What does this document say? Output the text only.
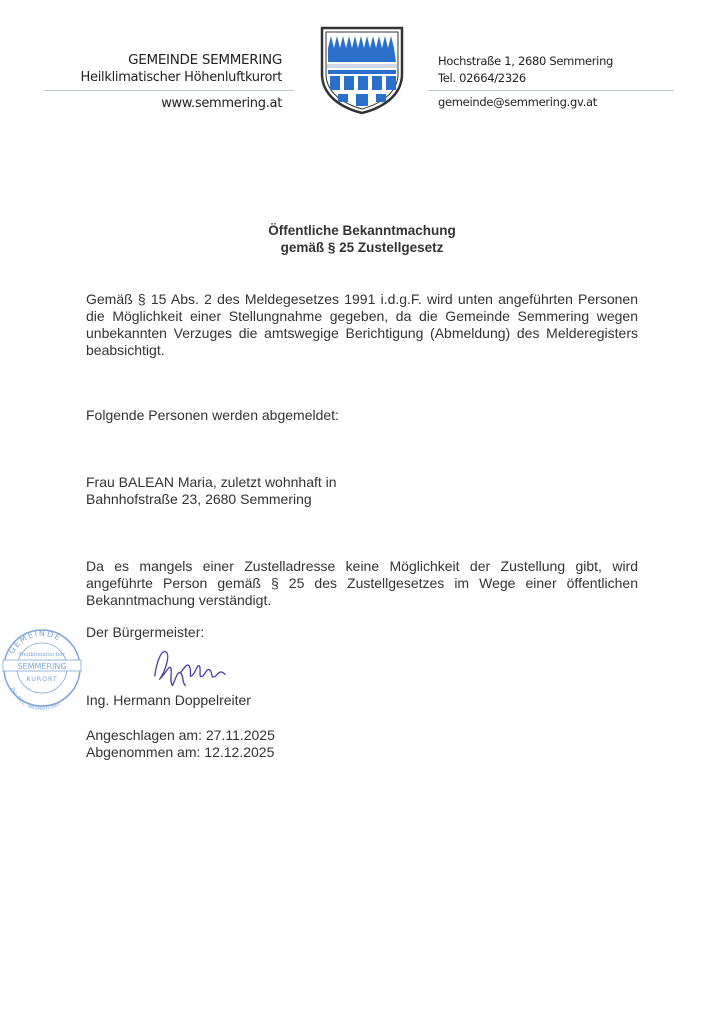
GEMEINDE SEMMERING
Heilklimatischer Höhenluftkurort
www.semmering.at
Hochstraße 1, 2680 Semmering
Tel. 02664/2326
gemeinde@semmering.gv.at
Öffentliche Bekanntmachung
gemäß § 25 Zustellgesetz
Gemäß § 15 Abs. 2 des Meldegesetzes 1991 i.d.g.F. wird unten angeführten Personen die Möglichkeit einer Stellungnahme gegeben, da die Gemeinde Semmering wegen unbekannten Verzuges die amtswegige Berichtigung (Abmeldung) des Melderegisters beabsichtigt.
Folgende Personen werden abgemeldet:
Frau BALEAN Maria, zuletzt wohnhaft in
Bahnhofstraße 23, 2680 Semmering
Da es mangels einer Zustelladresse keine Möglichkeit der Zustellung gibt, wird angeführte Person gemäß § 25 des Zustellgesetzes im Wege einer öffentlichen Bekanntmachung verständigt.
GEMEINDE
Heilklimatischer
SEMMERING
KURORT
Pol. Bez. Neunkirchen
Der Bürgermeister:
Ing. Hermann Doppelreiter
Angeschlagen am: 27.11.2025
Abgenommen am: 12.12.2025
